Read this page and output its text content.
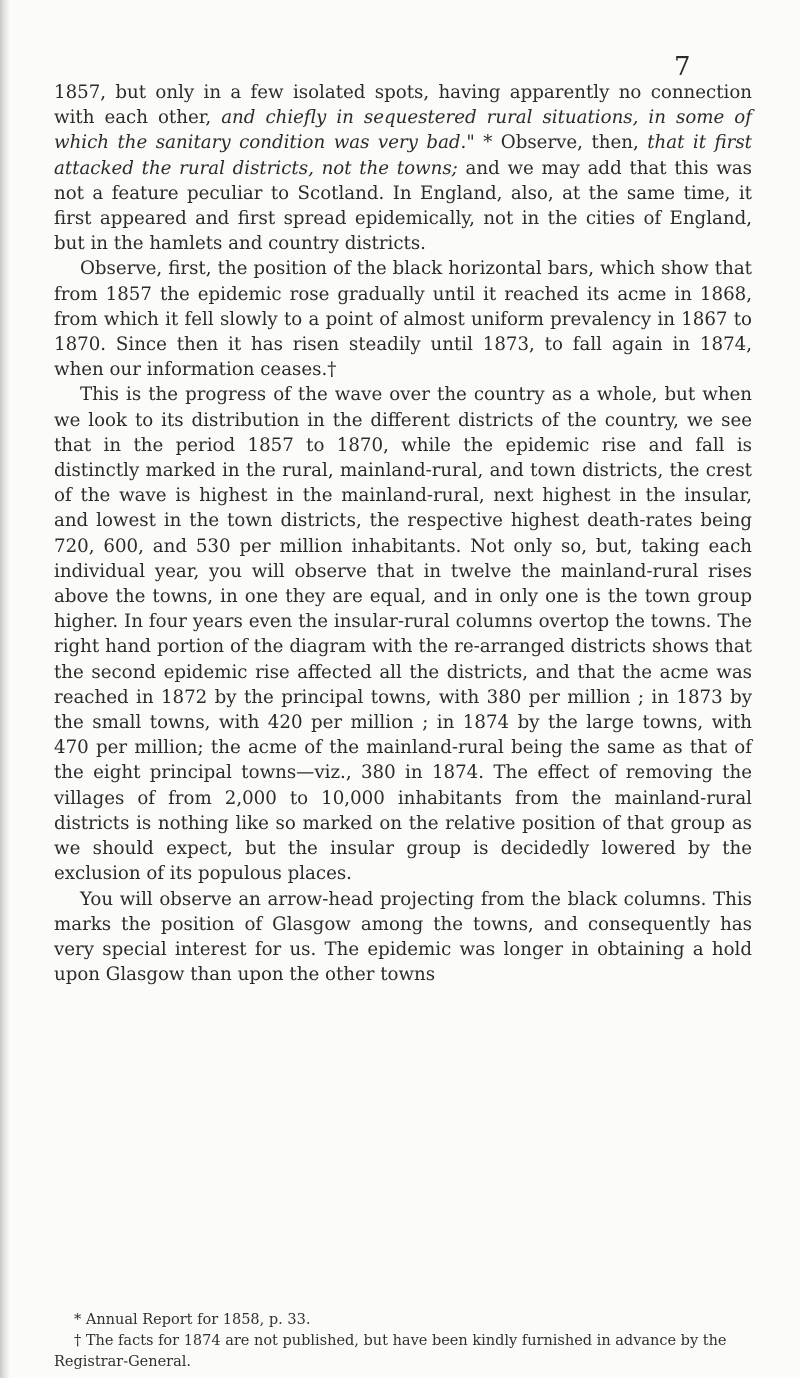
7

1857, but only in a few isolated spots, having apparently no connection with each other, and chiefly in sequestered rural situations, in some of which the sanitary condition was very bad." * Observe, then, that it first attacked the rural districts, not the towns; and we may add that this was not a feature peculiar to Scotland. In England, also, at the same time, it first appeared and first spread epidemically, not in the cities of England, but in the hamlets and country districts.

Observe, first, the position of the black horizontal bars, which show that from 1857 the epidemic rose gradually until it reached its acme in 1868, from which it fell slowly to a point of almost uniform prevalency in 1867 to 1870. Since then it has risen steadily until 1873, to fall again in 1874, when our information ceases.†

This is the progress of the wave over the country as a whole, but when we look to its distribution in the different districts of the country, we see that in the period 1857 to 1870, while the epidemic rise and fall is distinctly marked in the rural, mainland-rural, and town districts, the crest of the wave is highest in the mainland-rural, next highest in the insular, and lowest in the town districts, the respective highest death-rates being 720, 600, and 530 per million inhabitants. Not only so, but, taking each individual year, you will observe that in twelve the mainland-rural rises above the towns, in one they are equal, and in only one is the town group higher. In four years even the insular-rural columns overtop the towns. The right hand portion of the diagram with the re-arranged districts shows that the second epidemic rise affected all the districts, and that the acme was reached in 1872 by the principal towns, with 380 per million ; in 1873 by the small towns, with 420 per million ; in 1874 by the large towns, with 470 per million; the acme of the mainland-rural being the same as that of the eight principal towns—viz., 380 in 1874. The effect of removing the villages of from 2,000 to 10,000 inhabitants from the mainland-rural districts is nothing like so marked on the relative position of that group as we should expect, but the insular group is decidedly lowered by the exclusion of its populous places.

You will observe an arrow-head projecting from the black columns. This marks the position of Glasgow among the towns, and consequently has very special interest for us. The epidemic was longer in obtaining a hold upon Glasgow than upon the other towns

* Annual Report for 1858, p. 33.

† The facts for 1874 are not published, but have been kindly furnished in advance by the Registrar-General.
